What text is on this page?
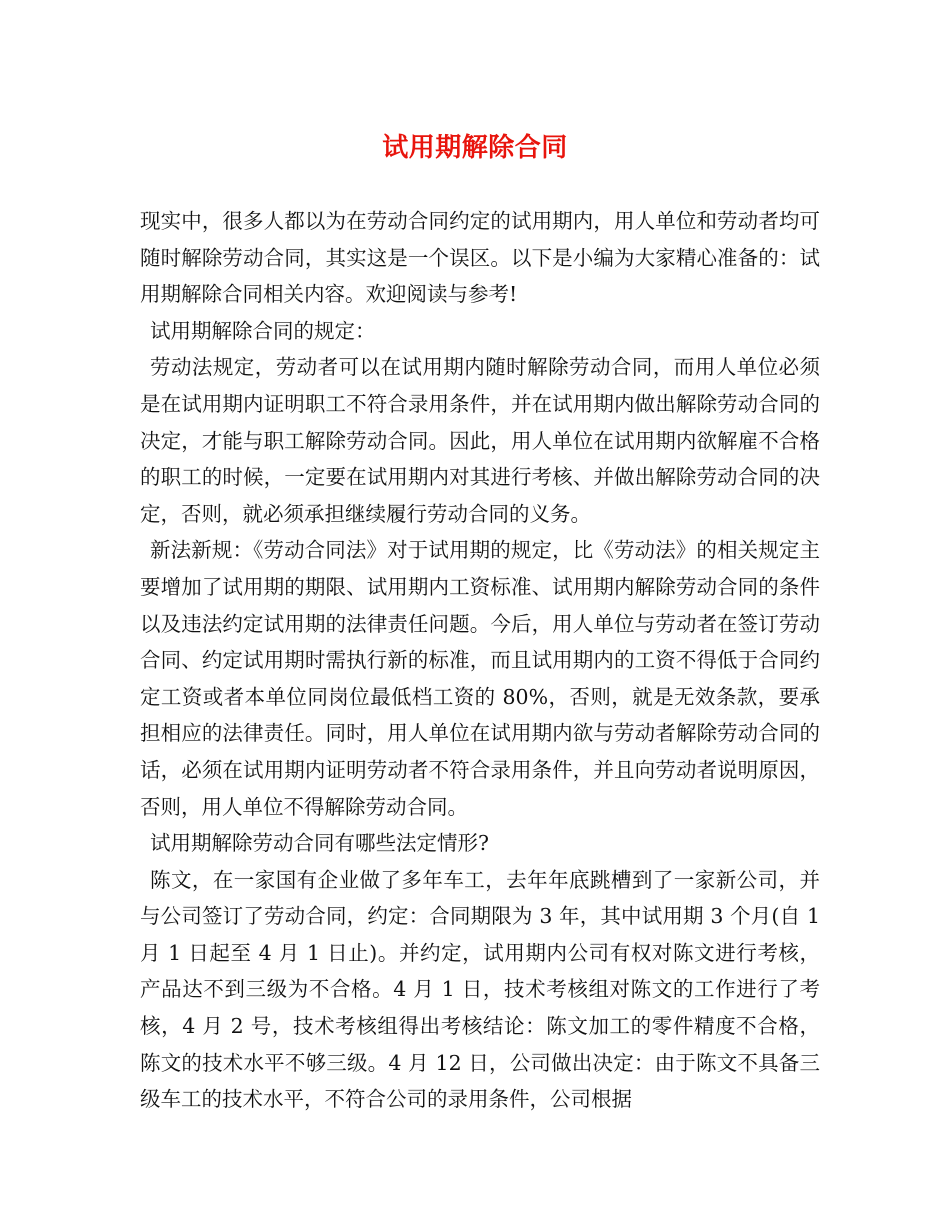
试用期解除合同

现实中，很多人都以为在劳动合同约定的试用期内，用人单位和劳动者均可随时解除劳动合同，其实这是一个误区。以下是小编为大家精心准备的：试用期解除合同相关内容。欢迎阅读与参考!

试用期解除合同的规定：

劳动法规定，劳动者可以在试用期内随时解除劳动合同，而用人单位必须是在试用期内证明职工不符合录用条件，并在试用期内做出解除劳动合同的决定，才能与职工解除劳动合同。因此，用人单位在试用期内欲解雇不合格的职工的时候，一定要在试用期内对其进行考核、并做出解除劳动合同的决定，否则，就必须承担继续履行劳动合同的义务。

新法新规：《劳动合同法》对于试用期的规定，比《劳动法》的相关规定主要增加了试用期的期限、试用期内工资标准、试用期内解除劳动合同的条件以及违法约定试用期的法律责任问题。今后，用人单位与劳动者在签订劳动合同、约定试用期时需执行新的标准，而且试用期内的工资不得低于合同约定工资或者本单位同岗位最低档工资的 80%，否则，就是无效条款，要承担相应的法律责任。同时，用人单位在试用期内欲与劳动者解除劳动合同的话，必须在试用期内证明劳动者不符合录用条件，并且向劳动者说明原因，否则，用人单位不得解除劳动合同。

试用期解除劳动合同有哪些法定情形?

陈文，在一家国有企业做了多年车工，去年年底跳槽到了一家新公司，并与公司签订了劳动合同，约定：合同期限为 3 年，其中试用期 3 个月(自 1 月 1 日起至 4 月 1 日止)。并约定，试用期内公司有权对陈文进行考核，产品达不到三级为不合格。4 月 1 日，技术考核组对陈文的工作进行了考核，4 月 2 号，技术考核组得出考核结论：陈文加工的零件精度不合格，陈文的技术水平不够三级。4 月 12 日，公司做出决定：由于陈文不具备三级车工的技术水平，不符合公司的录用条件，公司根据
